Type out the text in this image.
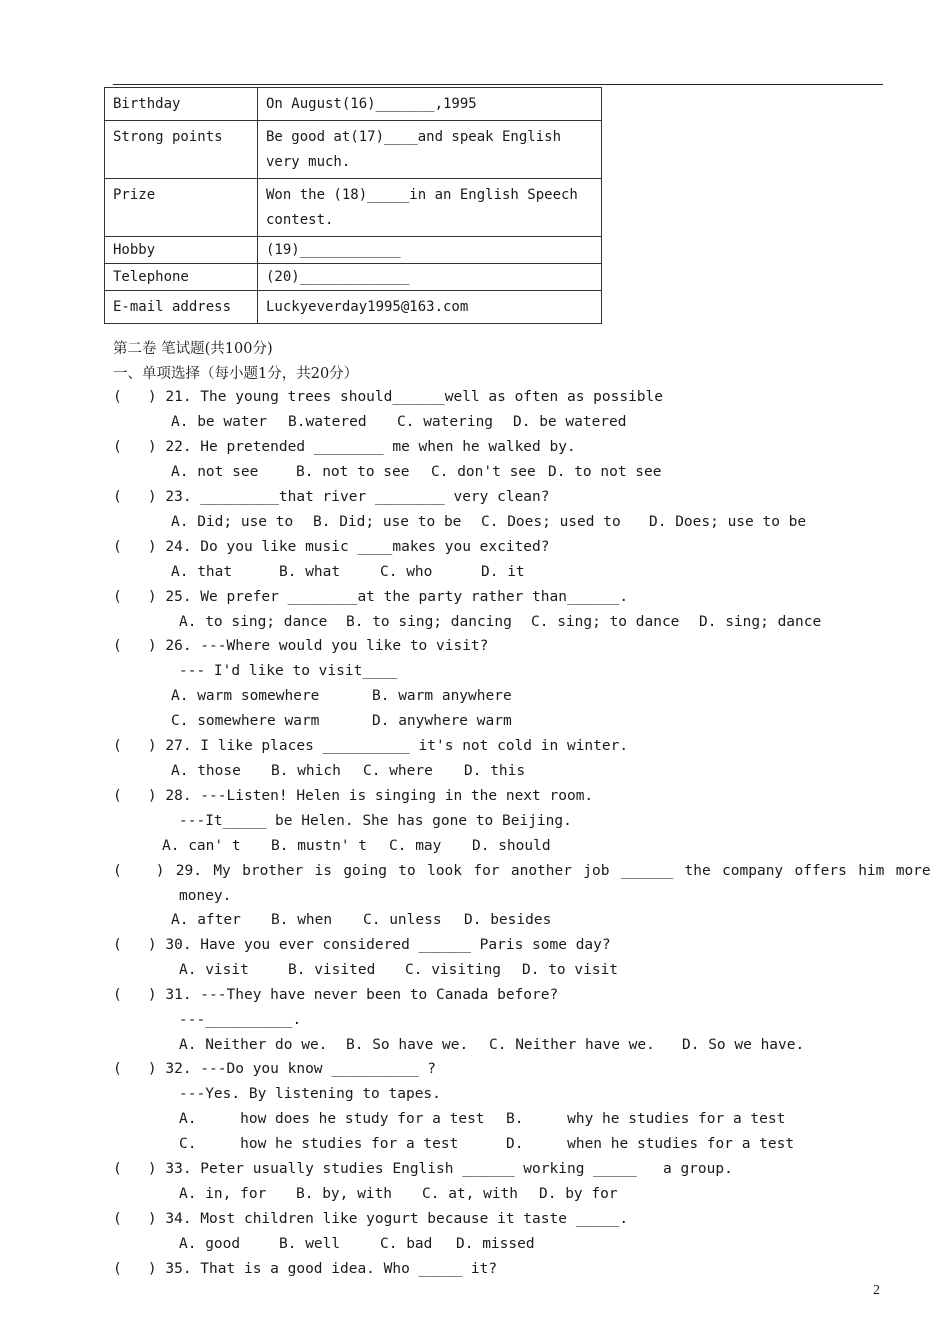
Birthday	On August(16)_______,1995
Strong points	Be good at(17)____and speak English very much.
Prize	Won the (18)_____in an English Speech contest.
Hobby	(19)____________
Telephone	(20)_____________
E-mail address	Luckyeverday1995@163.com
第二卷 笔试题(共100分)
一、单项选择（每小题1分，共20分）
(   ) 21. The young trees should______well as often as possible
A. be water B.watered C. watering D. be watered
(   ) 22. He pretended ________ me when he walked by.
A. not see	B. not to see C. don't see D. to not see
(   ) 23. _________that river ________ very clean?
A. Did; use to B. Did; use to be C. Does; used to D. Does; use to be
(   ) 24. Do you like music ____makes you excited?
A. that	B. what	C. who	D. it
(   ) 25. We prefer ________at the party rather than______.
A. to sing; dance B. to sing; dancing C. sing; to dance D. sing; dance
(   ) 26. ---Where would you like to visit?
--- I'd like to visit____
A. warm somewhere	B. warm anywhere
C. somewhere warm	D. anywhere warm
(   ) 27. I like places __________ it's not cold in winter.
A. those B. which C. where D. this
(   ) 28. ---Listen! Helen is singing in the next room.
---It_____ be Helen. She has gone to Beijing.
A. can' t B. mustn' t C. may D. should
(   ) 29. My brother is going to look for another job ______ the company offers him more
money.
A. after B. when C. unless D. besides
(   ) 30. Have you ever considered ______ Paris some day?
A. visit	B. visited C. visiting D. to visit
(   ) 31. ---They have never been to Canada before?
---__________.
A. Neither do we. B. So have we. C. Neither have we. D. So we have.
(   ) 32. ---Do you know __________ ?
---Yes. By listening to tapes.
A.     how does he study for a test B.     why he studies for a test
C.     how he studies for a test	D.     when he studies for a test
(   ) 33. Peter usually studies English ______ working _____   a group.
A. in, for B. by, with C. at, with D. by for
(   ) 34. Most children like yogurt because it taste _____.
A. good	B. well	C. bad D. missed
(   ) 35. That is a good idea. Who _____ it?
2
